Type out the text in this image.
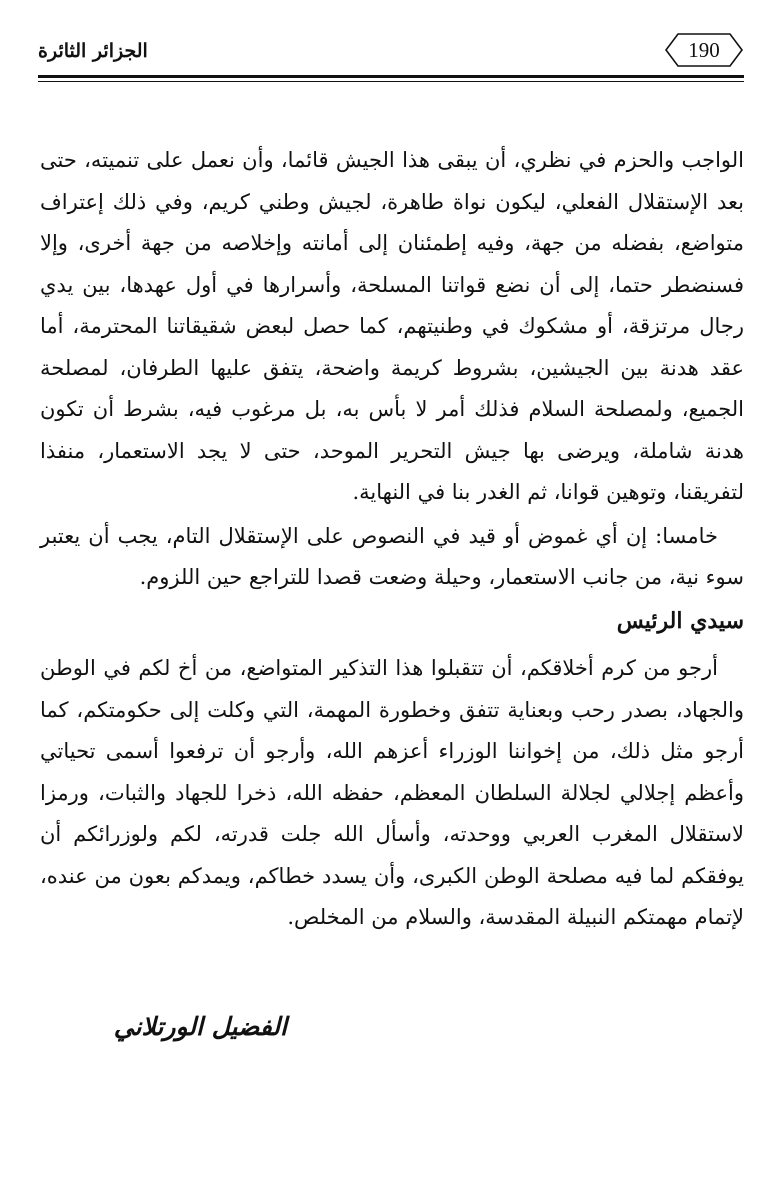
الجزائر الثائرة	190

الواجب والحزم في نظري، أن يبقى هذا الجيش قائما، وأن نعمل على تنميته، حتى بعد الإستقلال الفعلي، ليكون نواة طاهرة، لجيش وطني كريم، وفي ذلك إعتراف متواضع، بفضله من جهة، وفيه إطمئنان إلى أمانته وإخلاصه من جهة أخرى، وإلا فسنضطر حتما، إلى أن نضع قواتنا المسلحة، وأسرارها في أول عهدها، بين يدي رجال مرتزقة، أو مشكوك في وطنيتهم، كما حصل لبعض شقيقاتنا المحترمة، أما عقد هدنة بين الجيشين، بشروط كريمة واضحة، يتفق عليها الطرفان، لمصلحة الجميع، ولمصلحة السلام فذلك أمر لا بأس به، بل مرغوب فيه، بشرط أن تكون هدنة شاملة، ويرضى بها جيش التحرير الموحد، حتى لا يجد الاستعمار، منفذا لتفريقنا، وتوهين قوانا، ثم الغدر بنا في النهاية.

خامسا: إن أي غموض أو قيد في النصوص على الإستقلال التام، يجب أن يعتبر سوء نية، من جانب الاستعمار، وحيلة وضعت قصدا للتراجع حين اللزوم.

سيدي الرئيس

أرجو من كرم أخلاقكم، أن تتقبلوا هذا التذكير المتواضع، من أخ لكم في الوطن والجهاد، بصدر رحب وبعناية تتفق وخطورة المهمة، التي وكلت إلى حكومتكم، كما أرجو مثل ذلك، من إخواننا الوزراء أعزهم الله، وأرجو أن ترفعوا أسمى تحياتي وأعظم إجلالي لجلالة السلطان المعظم، حفظه الله، ذخرا للجهاد والثبات، ورمزا لاستقلال المغرب العربي ووحدته، وأسأل الله جلت قدرته، لكم ولوزرائكم أن يوفقكم لما فيه مصلحة الوطن الكبرى، وأن يسدد خطاكم، ويمدكم بعون من عنده، لإتمام مهمتكم النبيلة المقدسة، والسلام من المخلص.

الفضيل الورتلاني
